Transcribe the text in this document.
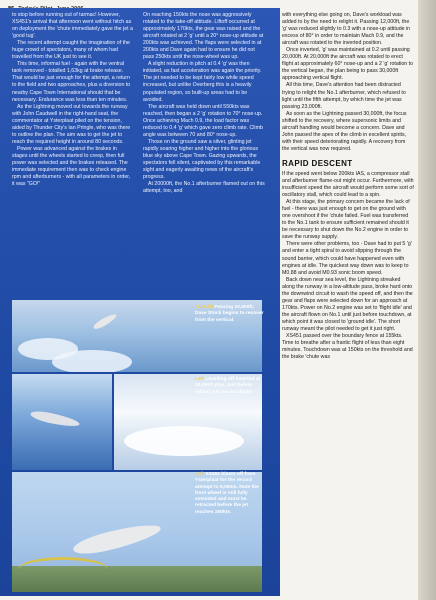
to stop before running out of tarmac! However, XS451's arrival that afternoon went without hitch as on deployment the 'chute immediately gave the jet a 'good tug'.

The recent attempt caught the imagination of the huge crowd of spectators, many of whom had travelled from the UK just to see it.

This time, informal fuel - again with the ventral tank removed - totalled 1,63kg at brake release. That would be just enough for the attempt, a return to the field and two approaches, plus a diversion to nearby Cape Town International should that be necessary. Endurance was less than ten minutes.

As the Lightning moved out towards the runway with John Caudwell in the right-hand seat, the commentator at Ysterplaat piled on the tension, aided by Thunder City's Ian Pringle, who was there to outline the plan. The aim was to get the jet to reach the required height in around 80 seconds.

Power was advanced against the brakes in stages until the wheels started to creep, then full power was selected and the brakes released. The immediate requirement then was to check engine rpm and afterburners - with all parameters in order, it was "GO!"

On reaching 150kts the nose was aggressively rotated to the take-off attitude. Liftoff occurred at approximately 170kts, the gear was raised and the aircraft rotated at 2 'g' until a 20° nose-up attitude at 200kts was achieved. The flaps were selected in at 200kts and Dave again had to ensure he did not pass 250kts until the nose-wheel was up.

A slight reduction in pitch at 0.4 'g' was then initiated, as fast acceleration was again the priority. The jet needed to be kept fairly low while speed increased, but unlike Overberg this is a heavily populated region, so built-up areas had to be avoided.

The aircraft was held down until 550kts was reached, then began a 2 'g' rotation to 70° nose-up. Once achieving Mach 0.9, the load factor was reduced to 0.4 'g' which gave zero climb rate. Climb angle was between 70 and 80° nose-up.

Those on the ground saw a silver, glinting jet rapidly soaring higher and higher into the glorious blue sky above Cape Town. Gazing upwards, the spectators fell silent, captivated by this remarkable sight and eagerly awaiting news of the aircraft's progress.

At 20000ft, the No.1 afterburner flamed out on this attempt, too, and

Far Left Passing 20,000ft, Dave Stock begins to recover from the vertical.
Left Levelling off inverted at 20,000ft plus, just before rolling into normal flight.
Left XS451 blasts off from Ysterplaat for the record attempt to 8,000m. Note the front wheel is still fully extended and must be retracted before the jet reaches 250kts.

with everything else going on, Dave's workload was added to by the need to relight it. Passing 12,000ft, the 'g' was reduced slightly to 0.3 with a nose-up attitude in excess of 80° in order to maintain Mach 0.9, and the aircraft was rotated to the inverted position.

Once inverted, 'g' was maintained at 0.2 until passing 20,000ft. At 20,000ft the aircraft was rotated to erect flight at approximately 60° nose-up and a 2 'g' rotation to the vertical began, the plan being to pass 30,000ft approaching vertical flight.

All this time, Dave's attention had been distracted trying to relight the No.1 afterburner, which refused to light until the fifth attempt, by which time the jet was passing 23,000ft.

As soon as the Lightning passed 30,000ft, the focus shifted to the recovery, where supersonic limits and aircraft handling would become a concern. Dave and John passed the apex of the climb in excellent spirits, with their speed deteriorating rapidly. A recovery from the vertical was now required.

RAPID DESCENT

If the speed went below 200kts IAS, a compressor stall and afterburner flame-out might occur. Furthermore, with insufficient speed the aircraft would perform some sort of oscillatory stall, which could lead to a spin.

At this stage, the primary concern became the lack of fuel - there was just enough to get on the ground with one overshoot if the 'chute failed. Fuel was transferred to the No.1 tank to ensure sufficient remained should it be necessary to shut down the No.2 engine in order to save the runway supply.

There were other problems, too - Dave had to put 5 'g' and enter a tight spiral to avoid slipping through the sound barrier, which could have happened even with engines at idle. The quickest way down was to keep to M0.88 and avoid M0.93 sonic boom speed.

Back down near sea level, the Lightning streaked along the runway in a low-altitude pass, broke hard onto the downwind circuit to wash the speed off, and then the gear and flaps were selected down for an approach at 170kts. Power on No.2 engine was set to 'flight idle' and the aircraft flown on No.1 until just before touchdown, at which point it was closed to 'ground idle'. The short runway meant the pilot needed to get it just right.

XS451 passed over the boundary fence at 155kts. Time to breathe after a frantic flight of less than eight minutes. Touchdown was at 150kts on the threshold and the brake 'chute was
